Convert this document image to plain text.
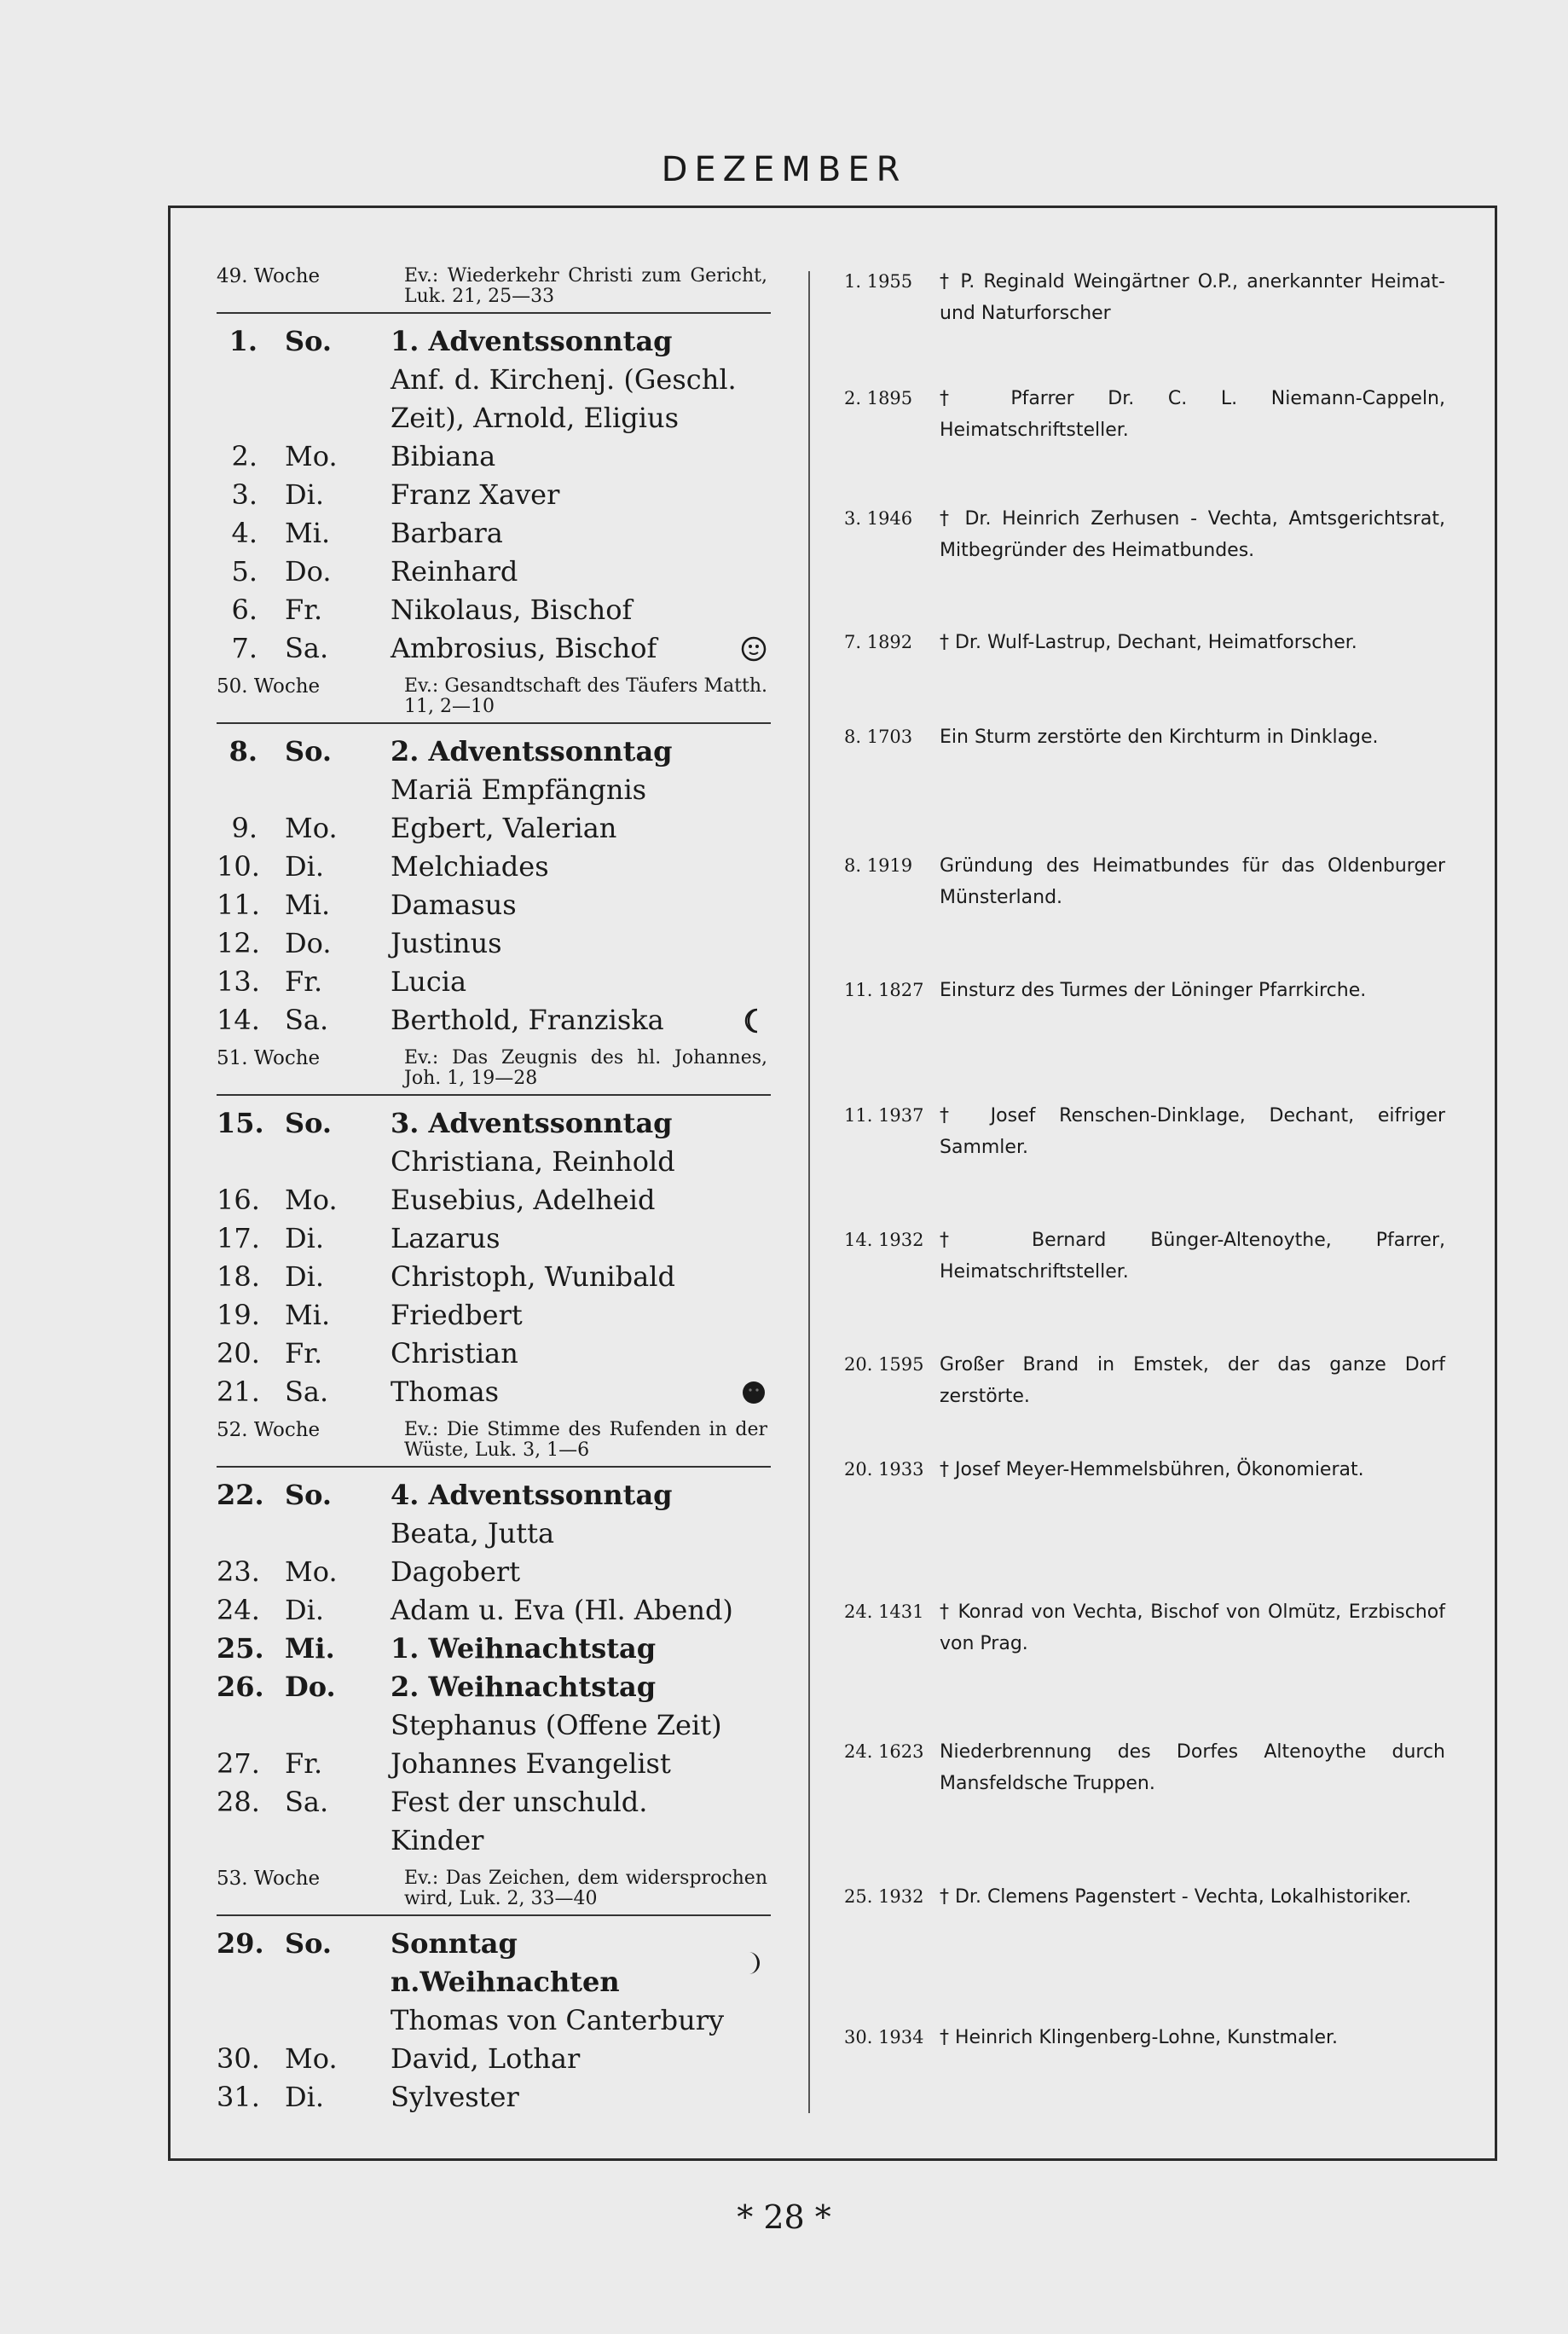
DEZEMBER
49. Woche	Ev.: Wiederkehr Christi zum Gericht, Luk. 21, 25—33
1.	So.	1. Adventssonntag
Anf. d. Kirchenj. (Geschl.
Zeit), Arnold, Eligius
2.	Mo.	Bibiana
3.	Di.	Franz Xaver
4.	Mi.	Barbara
5.	Do.	Reinhard
6.	Fr.	Nikolaus, Bischof
7.	Sa.	Ambrosius, Bischof
50. Woche	Ev.: Gesandtschaft des Täufers Matth. 11, 2—10
8.	So.	2. Adventssonntag
Mariä Empfängnis
9.	Mo.	Egbert, Valerian
10. Di.	Melchiades
11. Mi.	Damasus
12. Do.	Justinus
13. Fr.	Lucia
14. Sa.	Berthold, Franziska
51. Woche	Ev.: Das Zeugnis des hl. Johannes, Joh. 1, 19—28
15. So.	3. Adventssonntag
Christiana, Reinhold
16. Mo.	Eusebius, Adelheid
17. Di.	Lazarus
18. Di.	Christoph, Wunibald
19. Mi.	Friedbert
20. Fr.	Christian
21. Sa.	Thomas
52. Woche	Ev.: Die Stimme des Rufenden in der Wüste, Luk. 3, 1—6
22. So.	4. Adventssonntag
Beata, Jutta
23. Mo.	Dagobert
24. Di.	Adam u. Eva (Hl. Abend)
25. Mi.	1. Weihnachtstag
26. Do.	2. Weihnachtstag
Stephanus (Offene Zeit)
27. Fr.	Johannes Evangelist
28. Sa.	Fest der unschuld. Kinder
53. Woche	Ev.: Das Zeichen, dem widersprochen wird, Luk. 2, 33—40
29. So.	Sonntag n.Weihnachten
Thomas von Canterbury
30. Mo.	David, Lothar
31. Di.	Sylvester
1. 1955	† P. Reginald Weingärtner O.P., anerkannter Heimat- und Naturforscher
2. 1895	† Pfarrer Dr. C. L. Niemann-Cappeln, Heimatschriftsteller.
3. 1946	† Dr. Heinrich Zerhusen - Vechta, Amtsgerichtsrat, Mitbegründer des Heimatbundes.
7. 1892	† Dr. Wulf-Lastrup, Dechant, Heimatforscher.
8. 1703	Ein Sturm zerstörte den Kirchturm in Dinklage.
8. 1919	Gründung des Heimatbundes für das Oldenburger Münsterland.
11. 1827 Einsturz des Turmes der Löninger Pfarrkirche.
11. 1937 † Josef Renschen-Dinklage, Dechant, eifriger Sammler.
14. 1932 † Bernard Bünger-Altenoythe, Pfarrer, Heimatschriftsteller.
20. 1595 Großer Brand in Emstek, der das ganze Dorf zerstörte.
20. 1933 † Josef Meyer-Hemmelsbühren, Ökonomierat.
24. 1431 † Konrad von Vechta, Bischof von Olmütz, Erzbischof von Prag.
24. 1623 Niederbrennung des Dorfes Altenoythe durch Mansfeldsche Truppen.
25. 1932 † Dr. Clemens Pagenstert - Vechta, Lokalhistoriker.
30. 1934 † Heinrich Klingenberg-Lohne, Kunstmaler.
* 28 *
